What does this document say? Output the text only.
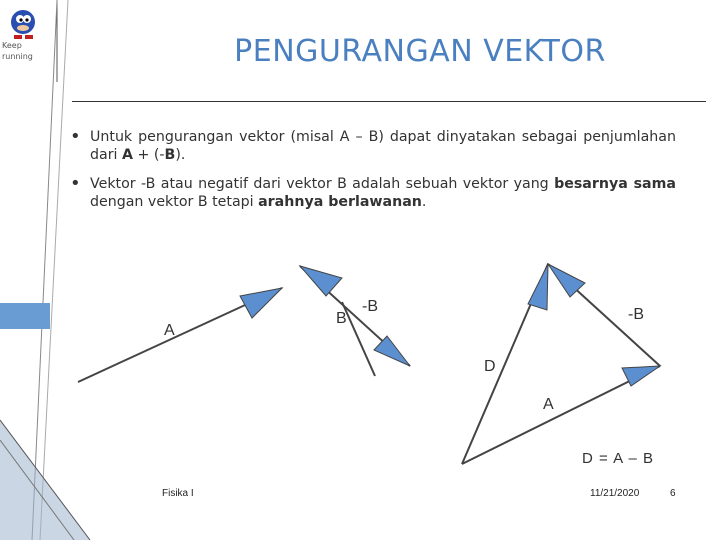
Keep
running	PENGURANGAN VEKTOR
• Untuk pengurangan vektor (misal A – B) dapat dinyatakan sebagai penjumlahan dari A + (-B).
• Vektor -B atau negatif dari vektor B adalah sebuah vektor yang besarnya sama dengan vektor B tetapi arahnya berlawanan.
A
B
-B	-B
D
A
D = A – B
Fisika I	11/21/2020	6
